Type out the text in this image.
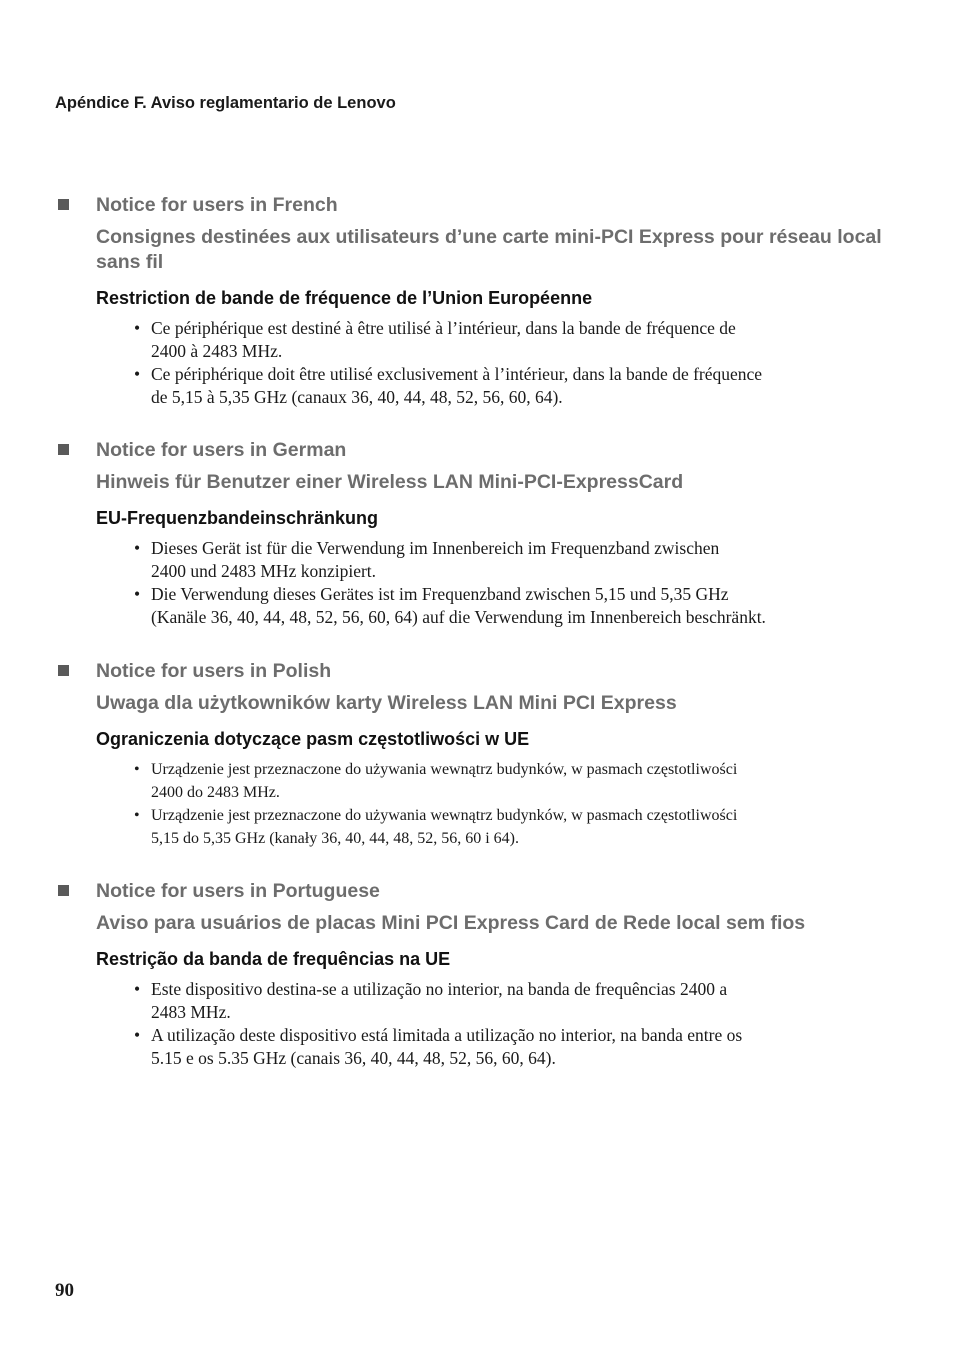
Apéndice F. Aviso reglamentario de Lenovo
Notice for users in French
Consignes destinées aux utilisateurs d’une carte mini-PCI Express pour réseau local sans fil
Restriction de bande de fréquence de l’Union Européenne
• Ce périphérique est destiné à être utilisé à l’intérieur, dans la bande de fréquence de
2400 à 2483 MHz.
• Ce périphérique doit être utilisé exclusivement à l’intérieur, dans la bande de fréquence
de 5,15 à 5,35 GHz (canaux 36, 40, 44, 48, 52, 56, 60, 64).
Notice for users in German
Hinweis für Benutzer einer Wireless LAN Mini-PCI-ExpressCard
EU-Frequenzbandeinschränkung
• Dieses Gerät ist für die Verwendung im Innenbereich im Frequenzband zwischen
2400 und 2483 MHz konzipiert.
• Die Verwendung dieses Gerätes ist im Frequenzband zwischen 5,15 und 5,35 GHz
(Kanäle 36, 40, 44, 48, 52, 56, 60, 64) auf die Verwendung im Innenbereich beschränkt.
Notice for users in Polish
Uwaga dla użytkowników karty Wireless LAN Mini PCI Express
Ograniczenia dotyczące pasm częstotliwości w UE
• Urządzenie jest przeznaczone do używania wewnątrz budynków, w pasmach częstotliwości
2400 do 2483 MHz.
• Urządzenie jest przeznaczone do używania wewnątrz budynków, w pasmach częstotliwości
5,15 do 5,35 GHz (kanały 36, 40, 44, 48, 52, 56, 60 i 64).
Notice for users in Portuguese
Aviso para usuários de placas Mini PCI Express Card de Rede local sem fios
Restrição da banda de frequências na UE
• Este dispositivo destina-se a utilização no interior, na banda de frequências 2400 a
2483 MHz.
• A utilização deste dispositivo está limitada a utilização no interior, na banda entre os
5.15 e os 5.35 GHz (canais 36, 40, 44, 48, 52, 56, 60, 64).
90
